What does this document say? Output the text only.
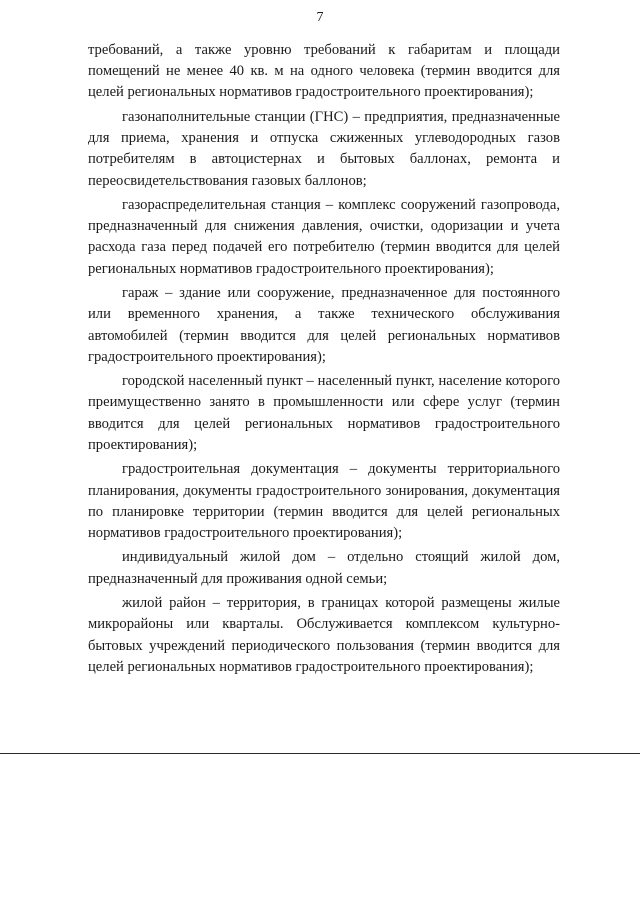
7

требований, а также уровню требований к габаритам и площади помещений не менее 40 кв. м на одного человека (термин вводится для целей региональных нормативов градостроительного проектирования);

газонаполнительные станции (ГНС) – предприятия, предназначенные для приема, хранения и отпуска сжиженных углеводородных газов потребителям в автоцистернах и бытовых баллонах, ремонта и переосвидетельствования газовых баллонов;

газораспределительная станция – комплекс сооружений газопровода, предназначенный для снижения давления, очистки, одоризации и учета расхода газа перед подачей его потребителю (термин вводится для целей региональных нормативов градостроительного проектирования);

гараж – здание или сооружение, предназначенное для постоянного или временного хранения, а также технического обслуживания автомобилей (термин вводится для целей региональных нормативов градостроительного проектирования);

городской населенный пункт – населенный пункт, население которого преимущественно занято в промышленности или сфере услуг (термин вводится для целей региональных нормативов градостроительного проектирования);

градостроительная документация – документы территориального планирования, документы градостроительного зонирования, документация по планировке территории (термин вводится для целей региональных нормативов градостроительного проектирования);

индивидуальный жилой дом – отдельно стоящий жилой дом, предназначенный для проживания одной семьи;

жилой район – территория, в границах которой размещены жилые микрорайоны или кварталы. Обслуживается комплексом культурно-бытовых учреждений периодического пользования (термин вводится для целей региональных нормативов градостроительного проектирования);
